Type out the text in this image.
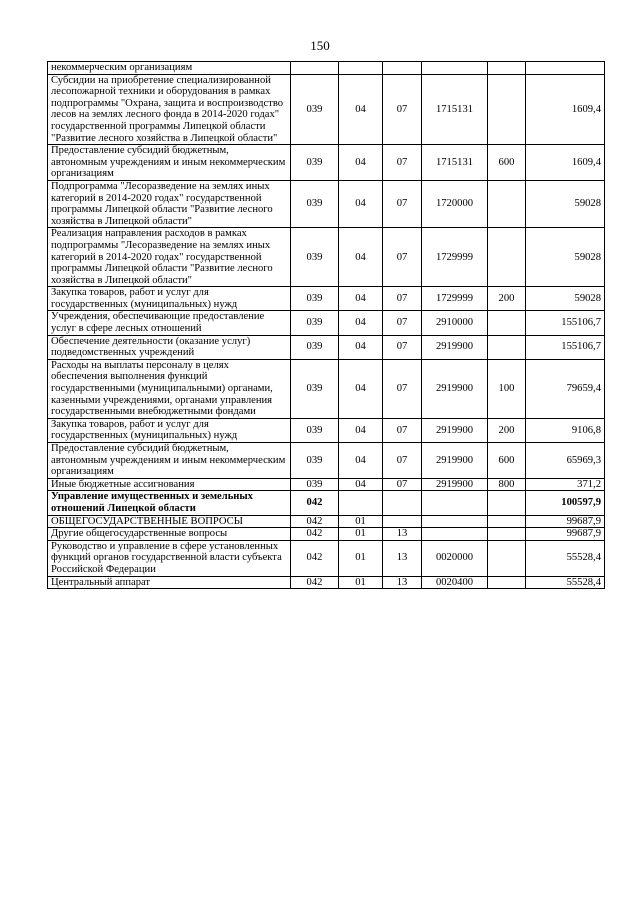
150
некоммерческим организациям						
Субсидии на приобретение специализированной лесопожарной техники и оборудования в рамках подпрограммы "Охрана, защита и воспроизводство лесов на землях лесного фонда в 2014-2020 годах" государственной программы Липецкой области "Развитие лесного хозяйства в Липецкой области"	039	04	07	1715131		1609,4
Предоставление субсидий бюджетным, автономным учреждениям и иным некоммерческим организациям	039	04	07	1715131	600	1609,4
Подпрограмма "Лесоразведение на землях иных категорий в 2014-2020 годах" государственной программы Липецкой области "Развитие лесного хозяйства в Липецкой области"	039	04	07	1720000		59028
Реализация направления расходов в рамках подпрограммы "Лесоразведение на землях иных категорий в 2014-2020 годах" государственной программы Липецкой области "Развитие лесного хозяйства в Липецкой области"	039	04	07	1729999		59028
Закупка товаров, работ и услуг для государственных (муниципальных) нужд	039	04	07	1729999	200	59028
Учреждения, обеспечивающие предоставление услуг в сфере лесных отношений	039	04	07	2910000		155106,7
Обеспечение деятельности (оказание услуг) подведомственных учреждений	039	04	07	2919900		155106,7
Расходы на выплаты персоналу в целях обеспечения выполнения функций государственными (муниципальными) органами, казенными учреждениями, органами управления государственными внебюджетными фондами	039	04	07	2919900	100	79659,4
Закупка товаров, работ и услуг для государственных (муниципальных) нужд	039	04	07	2919900	200	9106,8
Предоставление субсидий бюджетным, автономным учреждениям и иным некоммерческим организациям	039	04	07	2919900	600	65969,3
Иные бюджетные ассигнования	039	04	07	2919900	800	371,2
Управление имущественных и земельных отношений Липецкой области	042					100597,9
ОБЩЕГОСУДАРСТВЕННЫЕ ВОПРОСЫ	042	01				99687,9
Другие общегосударственные вопросы	042	01	13			99687,9
Руководство и управление в сфере установленных функций органов государственной власти субъекта Российской Федерации	042	01	13	0020000		55528,4
Центральный аппарат	042	01	13	0020400		55528,4
